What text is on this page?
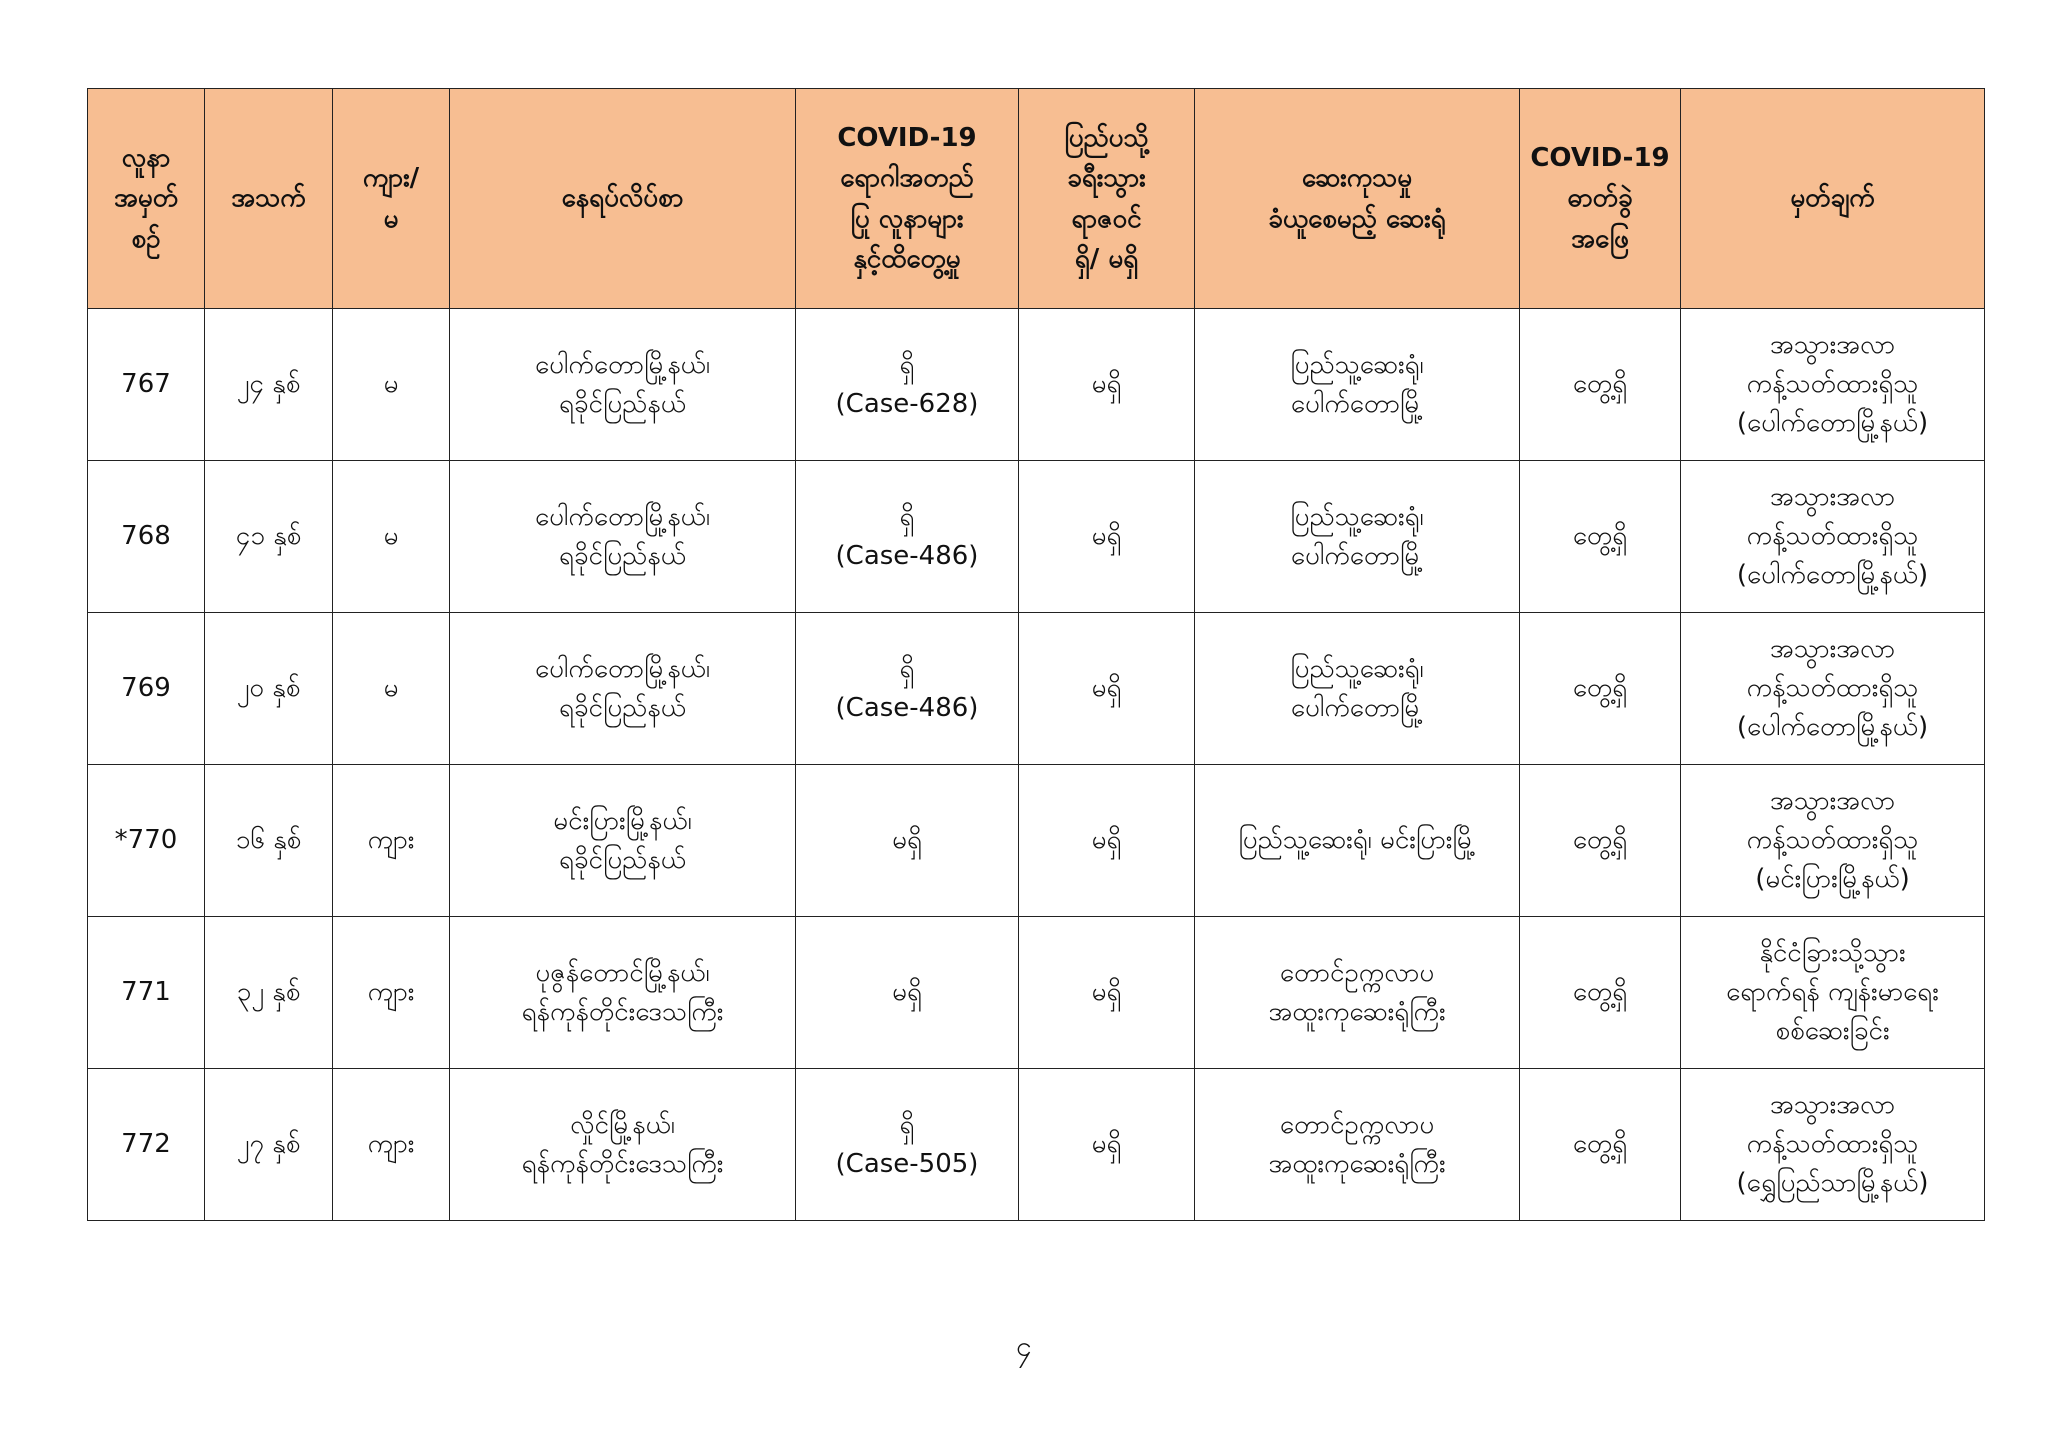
လူနာ
အမှတ်
စဉ်	အသက်	ကျား/
မ	နေရပ်လိပ်စာ	COVID-19
ရောဂါအတည်
ပြု လူနာများ
နှင့်ထိတွေ့မှု	ပြည်ပသို့
ခရီးသွား
ရာဇဝင်
ရှိ/ မရှိ	ဆေးကုသမှု
ခံယူစေမည့် ဆေးရုံ	COVID-19
ဓာတ်ခွဲ
အဖြေ	မှတ်ချက်

767	၂၄ နှစ်	မ	ပေါက်တောမြို့နယ်၊
ရခိုင်ပြည်နယ်	ရှိ
(Case-628)	မရှိ	ပြည်သူ့ဆေးရုံ၊
ပေါက်တောမြို့	တွေ့ရှိ	အသွားအလာ
ကန့်သတ်ထားရှိသူ
(ပေါက်တောမြို့နယ်)

768	၄၁ နှစ်	မ	ပေါက်တောမြို့နယ်၊
ရခိုင်ပြည်နယ်	ရှိ
(Case-486)	မရှိ	ပြည်သူ့ဆေးရုံ၊
ပေါက်တောမြို့	တွေ့ရှိ	အသွားအလာ
ကန့်သတ်ထားရှိသူ
(ပေါက်တောမြို့နယ်)

769	၂၀ နှစ်	မ	ပေါက်တောမြို့နယ်၊
ရခိုင်ပြည်နယ်	ရှိ
(Case-486)	မရှိ	ပြည်သူ့ဆေးရုံ၊
ပေါက်တောမြို့	တွေ့ရှိ	အသွားအလာ
ကန့်သတ်ထားရှိသူ
(ပေါက်တောမြို့နယ်)

*770	၁၆ နှစ်	ကျား	မင်းပြားမြို့နယ်၊
ရခိုင်ပြည်နယ်	မရှိ	မရှိ	ပြည်သူ့ဆေးရုံ၊ မင်းပြားမြို့	တွေ့ရှိ	အသွားအလာ
ကန့်သတ်ထားရှိသူ
(မင်းပြားမြို့နယ်)

771	၃၂ နှစ်	ကျား	ပုဇွန်တောင်မြို့နယ်၊
ရန်ကုန်တိုင်းဒေသကြီး	မရှိ	မရှိ	တောင်ဥက္ကလာပ
အထူးကုဆေးရုံကြီး	တွေ့ရှိ	နိုင်ငံခြားသို့သွား
ရောက်ရန် ကျန်းမာရေး
စစ်ဆေးခြင်း

772	၂၇ နှစ်	ကျား	လှိုင်မြို့နယ်၊
ရန်ကုန်တိုင်းဒေသကြီး	ရှိ
(Case-505)	မရှိ	တောင်ဥက္ကလာပ
အထူးကုဆေးရုံကြီး	တွေ့ရှိ	အသွားအလာ
ကန့်သတ်ထားရှိသူ
(ရွှေပြည်သာမြို့နယ်)
၄
